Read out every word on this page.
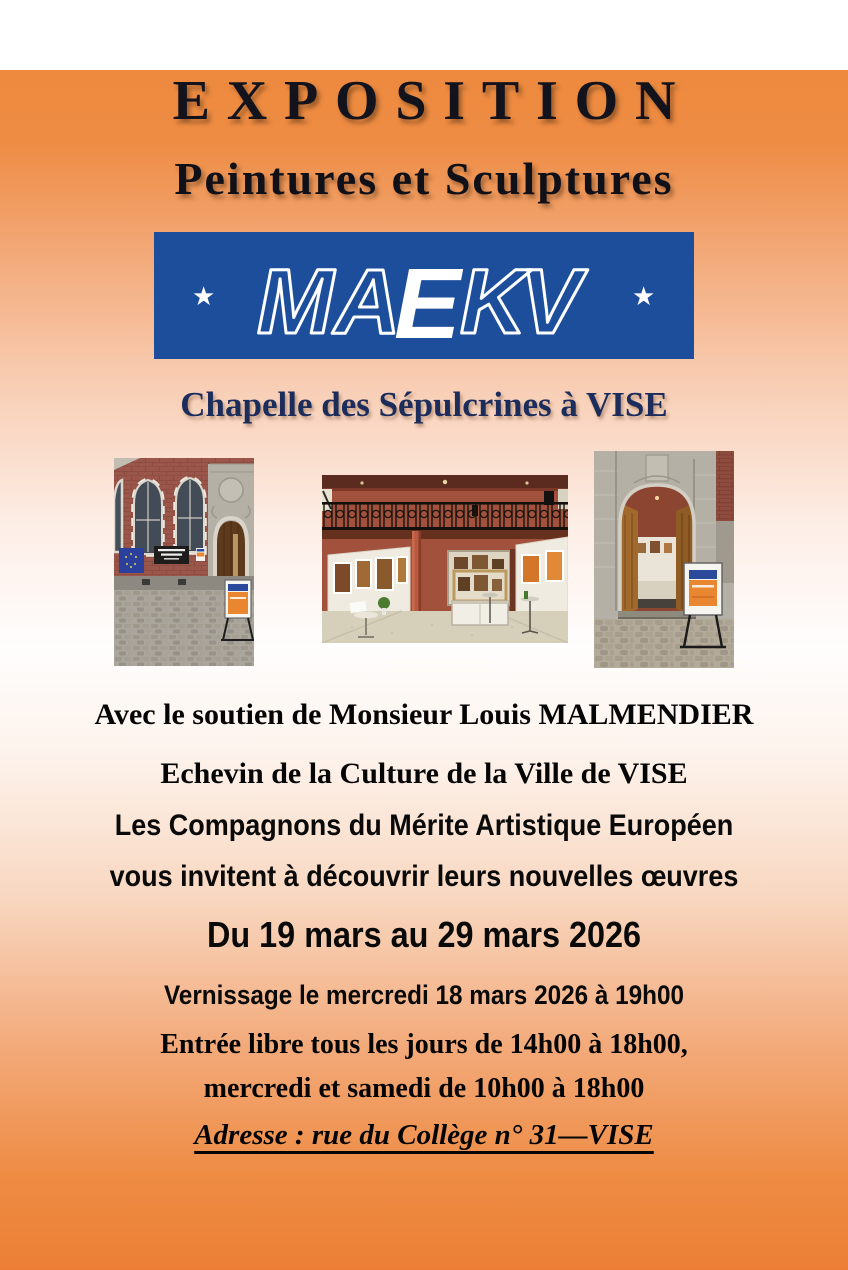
EXPOSITION
Peintures et Sculptures
★	★
M A K
V
E
Chapelle des Sépulcrines à VISE

Avec le soutien de Monsieur Louis MALMENDIER

Echevin de la Culture de la Ville de VISE

Les Compagnons du Mérite Artistique Européen

vous invitent à découvrir leurs nouvelles œuvres

Du 19 mars au 29 mars 2026

Vernissage le mercredi 18 mars 2026 à 19h00

Entrée libre tous les jours de 14h00 à 18h00,

mercredi et samedi de 10h00 à 18h00

Adresse : rue du Collège n° 31—VISE
